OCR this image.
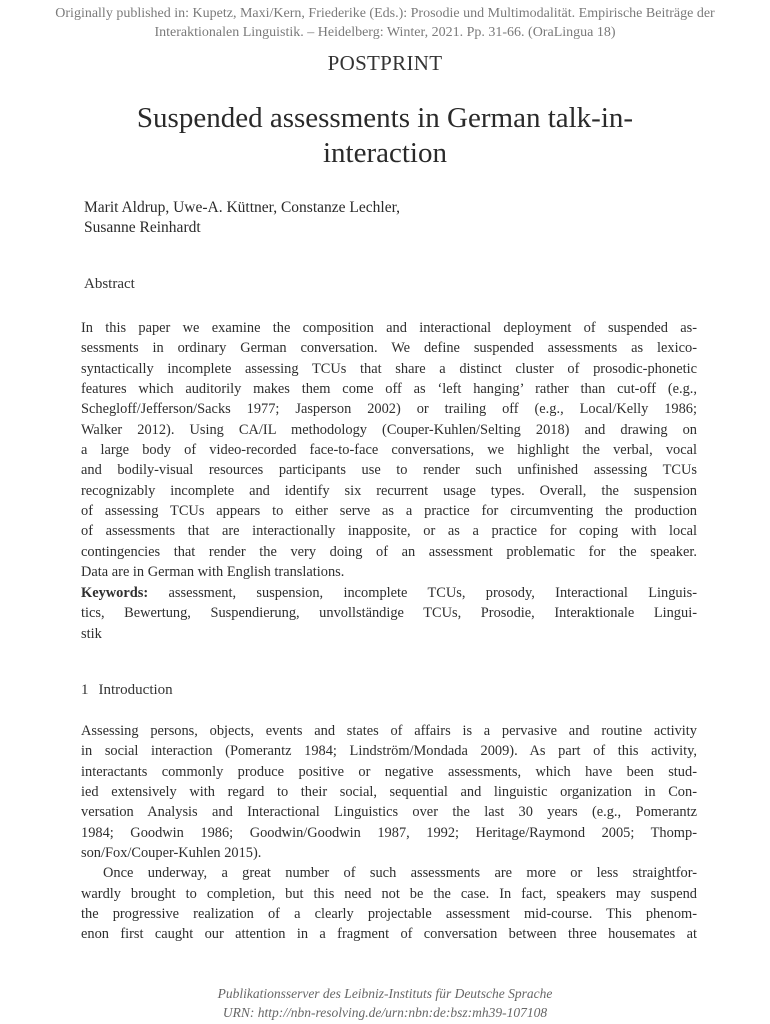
Originally published in: Kupetz, Maxi/Kern, Friederike (Eds.): Prosodie und Multimodalität. Empirische Beiträge der
Interaktionalen Linguistik. – Heidelberg: Winter, 2021. Pp. 31-66. (OraLingua 18)
POSTPRINT
Suspended assessments in German talk-in-
interaction
Marit Aldrup, Uwe-A. Küttner, Constanze Lechler,
Susanne Reinhardt
Abstract
In this paper we examine the composition and interactional deployment of suspended as-
sessments in ordinary German conversation. We define suspended assessments as lexico-
syntactically incomplete assessing TCUs that share a distinct cluster of prosodic-phonetic
features which auditorily makes them come off as ‘left hanging’ rather than cut-off (e.g.,
Schegloff/Jefferson/Sacks 1977; Jasperson 2002) or trailing off (e.g., Local/Kelly 1986;
Walker 2012). Using CA/IL methodology (Couper-Kuhlen/Selting 2018) and drawing on
a large body of video-recorded face-to-face conversations, we highlight the verbal, vocal
and bodily-visual resources participants use to render such unfinished assessing TCUs
recognizably incomplete and identify six recurrent usage types. Overall, the suspension
of assessing TCUs appears to either serve as a practice for circumventing the production
of assessments that are interactionally inapposite, or as a practice for coping with local
contingencies that render the very doing of an assessment problematic for the speaker.
Data are in German with English translations.
Keywords: assessment, suspension, incomplete TCUs, prosody, Interactional Linguis-
tics, Bewertung, Suspendierung, unvollständige TCUs, Prosodie, Interaktionale Lingui-
stik
1 Introduction
Assessing persons, objects, events and states of affairs is a pervasive and routine activity
in social interaction (Pomerantz 1984; Lindström/Mondada 2009). As part of this activity,
interactants commonly produce positive or negative assessments, which have been stud-
ied extensively with regard to their social, sequential and linguistic organization in Con-
versation Analysis and Interactional Linguistics over the last 30 years (e.g., Pomerantz
1984; Goodwin 1986; Goodwin/Goodwin 1987, 1992; Heritage/Raymond 2005; Thomp-
son/Fox/Couper-Kuhlen 2015).
Once underway, a great number of such assessments are more or less straightfor-
wardly brought to completion, but this need not be the case. In fact, speakers may suspend
the progressive realization of a clearly projectable assessment mid-course. This phenom-
enon first caught our attention in a fragment of conversation between three housemates at
Publikationsserver des Leibniz-Instituts für Deutsche Sprache
URN: http://nbn-resolving.de/urn:nbn:de:bsz:mh39-107108
